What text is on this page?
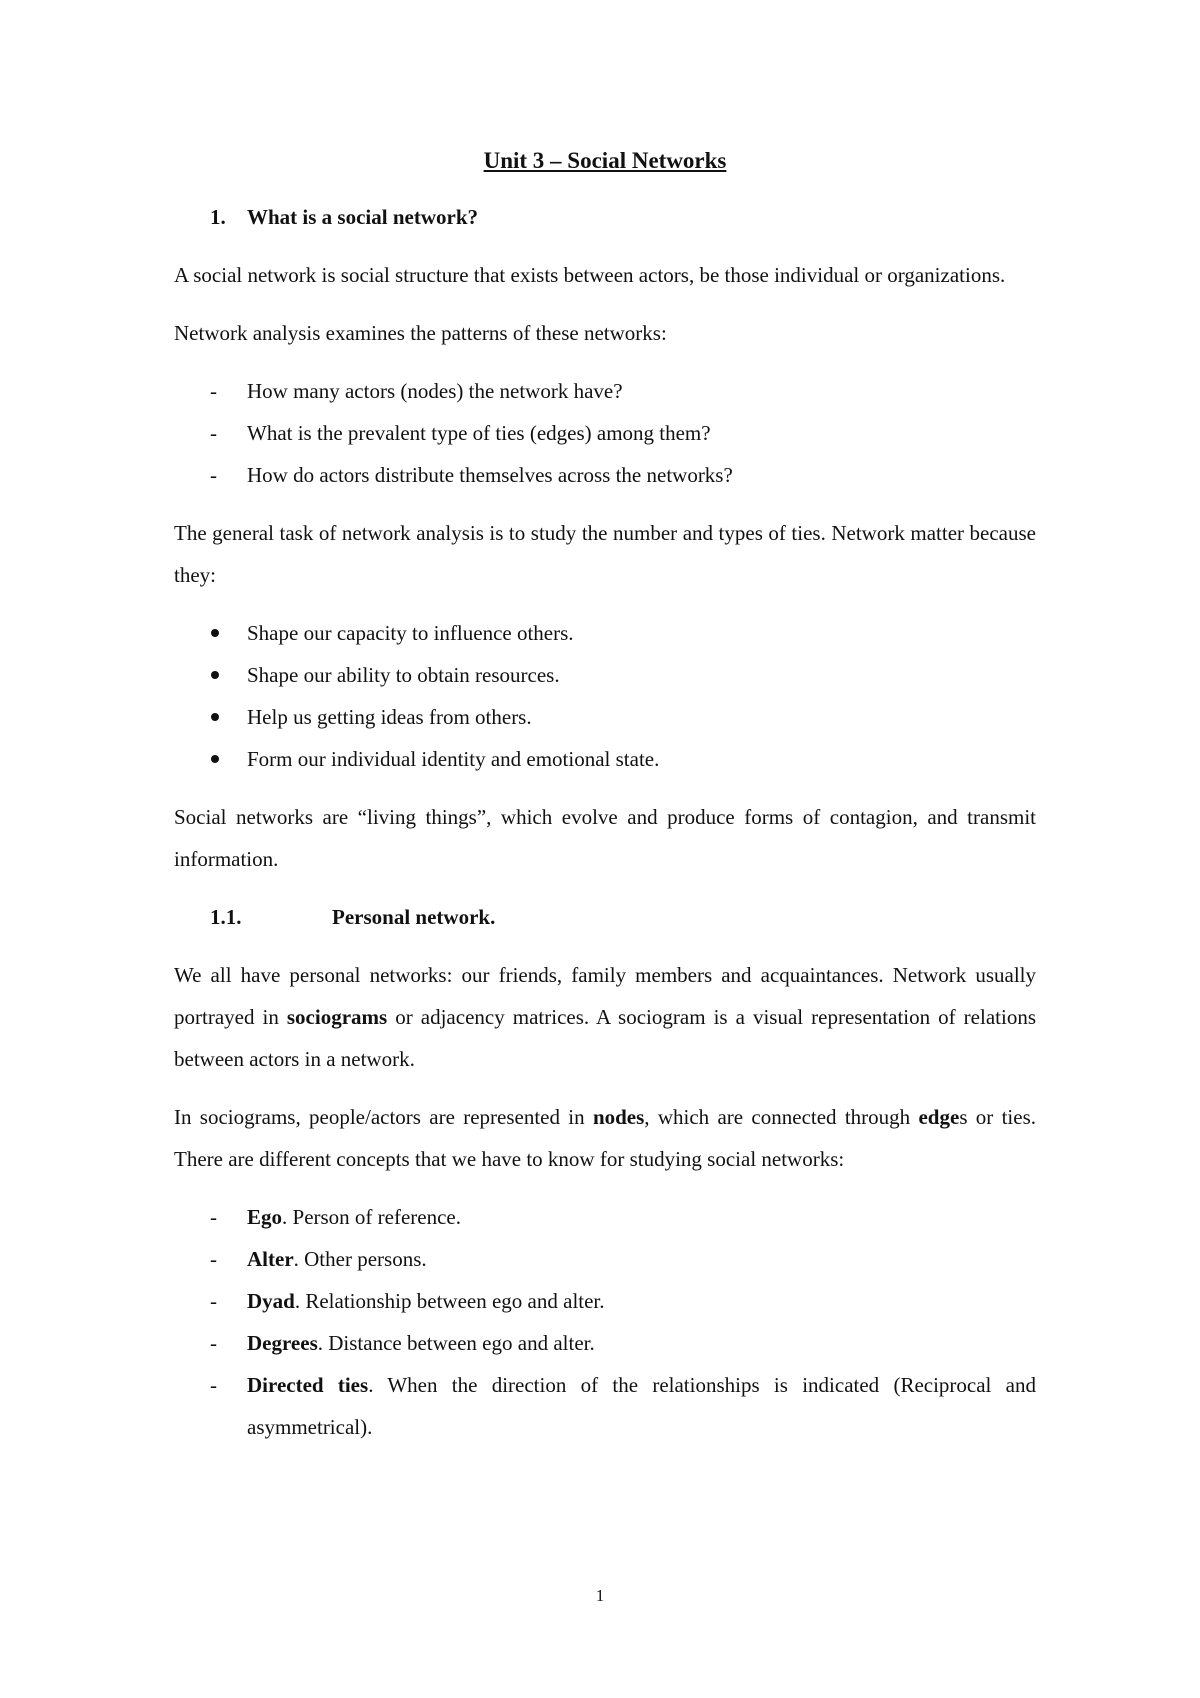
Unit 3 – Social Networks
1. What is a social network?

A social network is social structure that exists between actors, be those individual or organizations.

Network analysis examines the patterns of these networks:

- How many actors (nodes) the network have?
- What is the prevalent type of ties (edges) among them?
- How do actors distribute themselves across the networks?

The general task of network analysis is to study the number and types of ties. Network matter because they:

Shape our capacity to influence others.
Shape our ability to obtain resources.
Help us getting ideas from others.
Form our individual identity and emotional state.

Social networks are “living things”, which evolve and produce forms of contagion, and transmit information.

1.1.	Personal network.

We all have personal networks: our friends, family members and acquaintances. Network usually portrayed in sociograms or adjacency matrices. A sociogram is a visual representation of relations between actors in a network.

In sociograms, people/actors are represented in nodes, which are connected through edges or ties. There are different concepts that we have to know for studying social networks:

- Ego. Person of reference.
- Alter. Other persons.
- Dyad. Relationship between ego and alter.
- Degrees. Distance between ego and alter.
- Directed ties. When the direction of the relationships is indicated (Reciprocal and asymmetrical).
1
